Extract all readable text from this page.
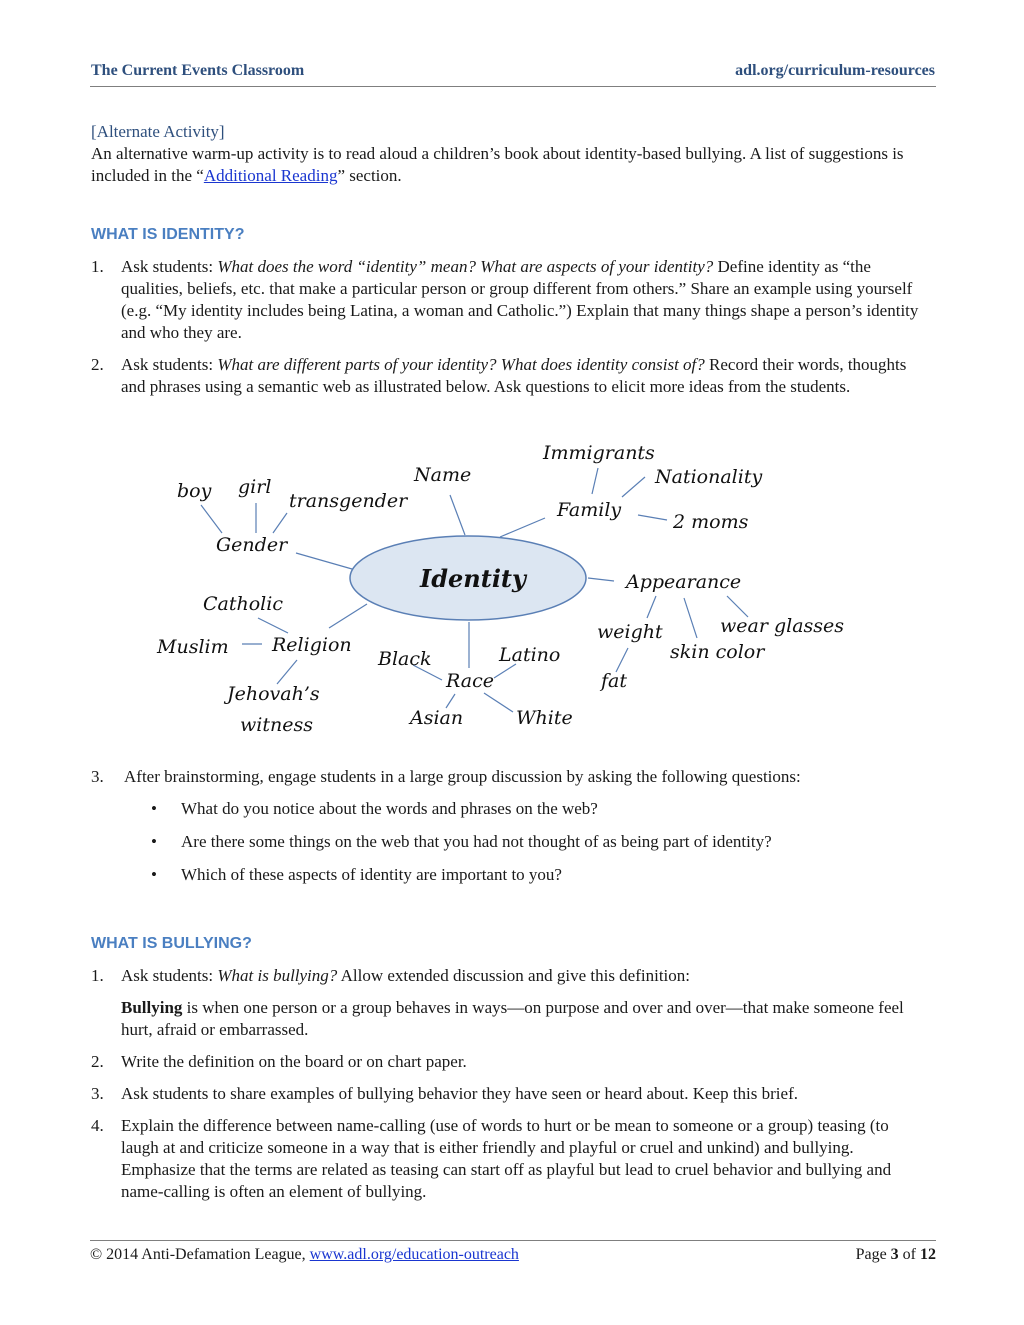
The Current Events Classroom	adl.org/curriculum-resources
[Alternate Activity]
An alternative warm-up activity is to read aloud a children’s book about identity-based bullying. A list of suggestions is included in the “Additional Reading” section.
WHAT IS IDENTITY?
1. Ask students: What does the word “identity” mean? What are aspects of your identity? Define identity as “the qualities, beliefs, etc. that make a particular person or group different from others.” Share an example using yourself (e.g. “My identity includes being Latina, a woman and Catholic.”) Explain that many things shape a person’s identity and who they are.
2. Ask students: What are different parts of your identity? What does identity consist of? Record their words, thoughts and phrases using a semantic web as illustrated below. Ask questions to elicit more ideas from the students.
Identity
Immigrants
Nationality
Name
boy girl
transgender	Family
2 moms
Gender
Appearance
Catholic
weight	wear glasses
Muslim Religion	skin color
Black	Latino
Race	fat
Jehovah’s
witness	Asian	White
3. After brainstorming, engage students in a large group discussion by asking the following questions:
• What do you notice about the words and phrases on the web?
• Are there some things on the web that you had not thought of as being part of identity?
• Which of these aspects of identity are important to you?
WHAT IS BULLYING?
1. Ask students: What is bullying? Allow extended discussion and give this definition:
Bullying is when one person or a group behaves in ways—on purpose and over and over—that make someone feel hurt, afraid or embarrassed.
2. Write the definition on the board or on chart paper.
3. Ask students to share examples of bullying behavior they have seen or heard about. Keep this brief.
4. Explain the difference between name-calling (use of words to hurt or be mean to someone or a group) teasing (to laugh at and criticize someone in a way that is either friendly and playful or cruel and unkind) and bullying. Emphasize that the terms are related as teasing can start off as playful but lead to cruel behavior and bullying and name-calling is often an element of bullying.
© 2014 Anti-Defamation League, www.adl.org/education-outreach	Page 3 of 12
